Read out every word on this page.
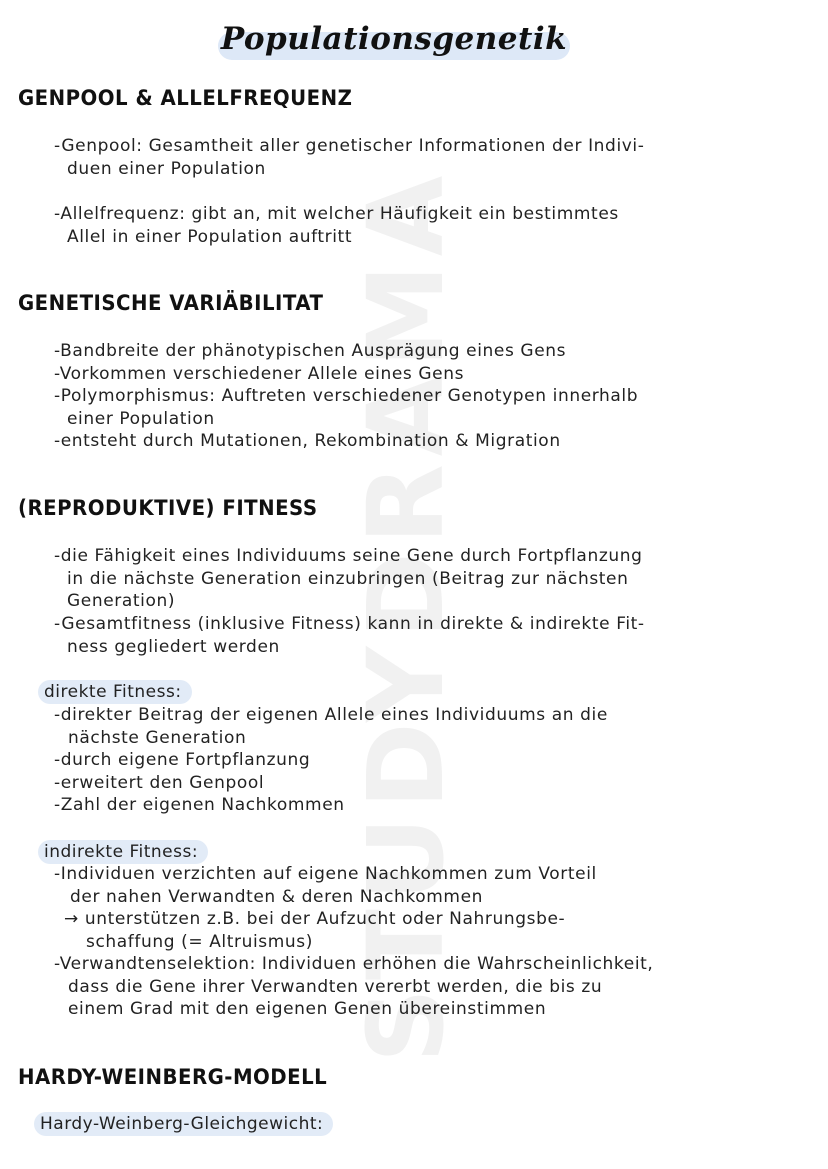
STUDYDRAMA
Populationsgenetik
GENPOOL & ALLELFREQUENZ
-Genpool: Gesamtheit aller genetischer Informationen der Indivi-
duen einer Population
-Allelfrequenz: gibt an, mit welcher Häufigkeit ein bestimmtes
Allel in einer Population auftritt
GENETISCHE VARIÄBILITAT
-Bandbreite der phänotypischen Ausprägung eines Gens
-Vorkommen verschiedener Allele eines Gens
-Polymorphismus: Auftreten verschiedener Genotypen innerhalb
einer Population
-entsteht durch Mutationen, Rekombination & Migration
(REPRODUKTIVE) FITNESS
-die Fähigkeit eines Individuums seine Gene durch Fortpflanzung
in die nächste Generation einzubringen (Beitrag zur nächsten
Generation)
-Gesamtfitness (inklusive Fitness) kann in direkte & indirekte Fit-
ness gegliedert werden
direkte Fitness:
-direkter Beitrag der eigenen Allele eines Individuums an die
nächste Generation
-durch eigene Fortpflanzung
-erweitert den Genpool
-Zahl der eigenen Nachkommen
indirekte Fitness:
-Individuen verzichten auf eigene Nachkommen zum Vorteil
der nahen Verwandten & deren Nachkommen
→ unterstützen z.B. bei der Aufzucht oder Nahrungsbe-
schaffung (= Altruismus)
-Verwandtenselektion: Individuen erhöhen die Wahrscheinlichkeit,
dass die Gene ihrer Verwandten vererbt werden, die bis zu
einem Grad mit den eigenen Genen übereinstimmen
HARDY-WEINBERG-MODELL
Hardy-Weinberg-Gleichgewicht:
